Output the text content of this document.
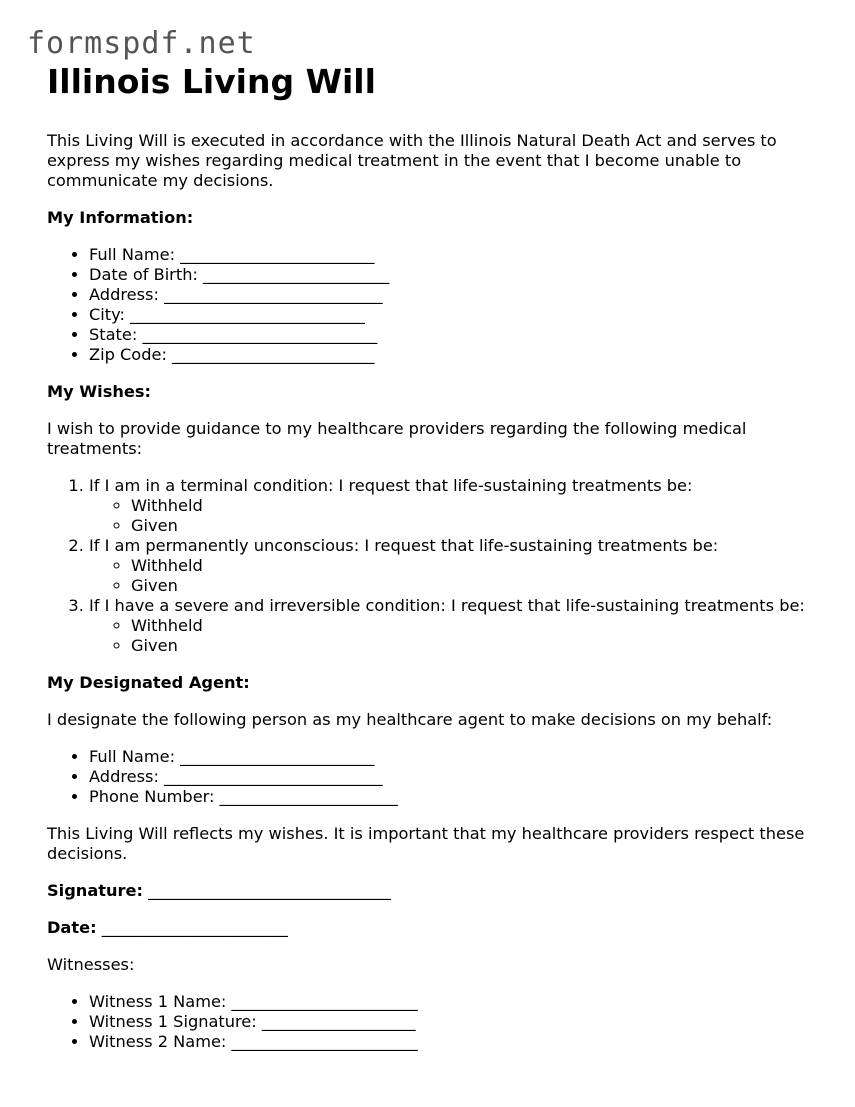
formspdf.net
Illinois Living Will

This Living Will is executed in accordance with the Illinois Natural Death Act and serves to express my wishes regarding medical treatment in the event that I become unable to communicate my decisions.

My Information:
• Full Name: ________________________
• Date of Birth: _______________________
• Address: ___________________________
• City: _____________________________
• State: _____________________________
• Zip Code: _________________________
My Wishes:

I wish to provide guidance to my healthcare providers regarding the following medical treatments:

1. If I am in a terminal condition: I request that life-sustaining treatments be:
◦ Withheld
◦ Given
2. If I am permanently unconscious: I request that life-sustaining treatments be:
◦ Withheld
◦ Given
3. If I have a severe and irreversible condition: I request that life-sustaining treatments be:
◦ Withheld
◦ Given
My Designated Agent:

I designate the following person as my healthcare agent to make decisions on my behalf:

• Full Name: ________________________
• Address: ___________________________
• Phone Number: ______________________

This Living Will reflects my wishes. It is important that my healthcare providers respect these decisions.

Signature: ______________________________

Date: _______________________

Witnesses:

• Witness 1 Name: _______________________
• Witness 1 Signature: ___________________
• Witness 2 Name: _______________________
